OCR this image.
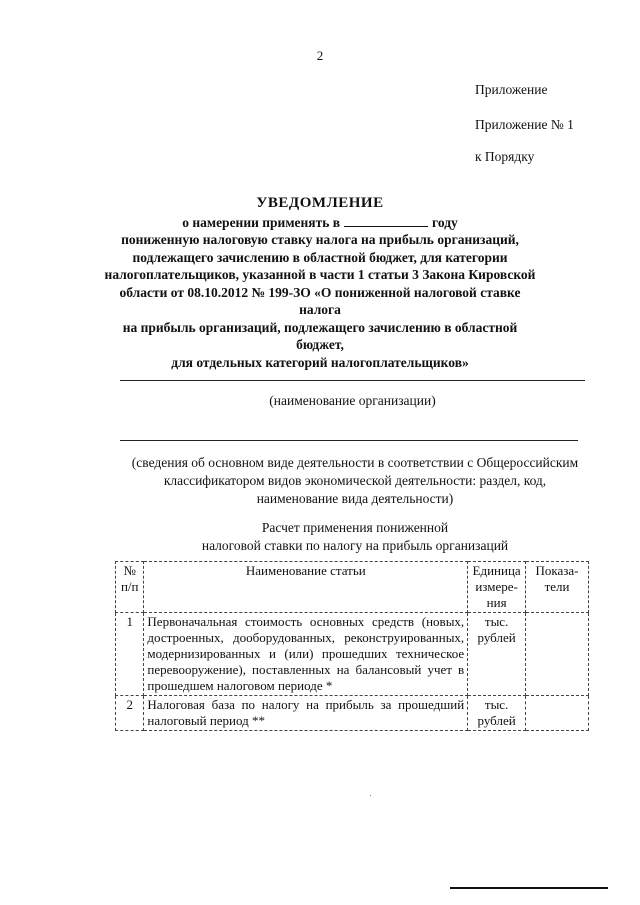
2
Приложение
Приложение № 1
к Порядку
УВЕДОМЛЕНИЕ
о намерении применять в	году
пониженную налоговую ставку налога на прибыль организаций,
подлежащего зачислению в областной бюджет, для категории
налогоплательщиков, указанной в части 1 статьи 3 Закона Кировской
области от 08.10.2012 № 199-ЗО «О пониженной налоговой ставке налога
на прибыль организаций, подлежащего зачислению в областной бюджет,
для отдельных категорий налогоплательщиков»
(наименование организации)
(сведения об основном виде деятельности в соответствии с Общероссийским
классификатором видов экономической деятельности: раздел, код,
наименование вида деятельности)
Расчет применения пониженной
налоговой ставки по налогу на прибыль организаций
№ п/п	Наименование статьи	Единица измере-ния	Показа-тели
1	Первоначальная стоимость основных средств (новых, достроенных, дооборудованных, реконструированных, модернизированных и (или) прошедших техническое перевооружение), поставленных на балансовый учет в прошедшем налоговом периоде *	тыс. рублей	
2	Налоговая база по налогу на прибыль за прошедший налоговый период **	тыс. рублей	
